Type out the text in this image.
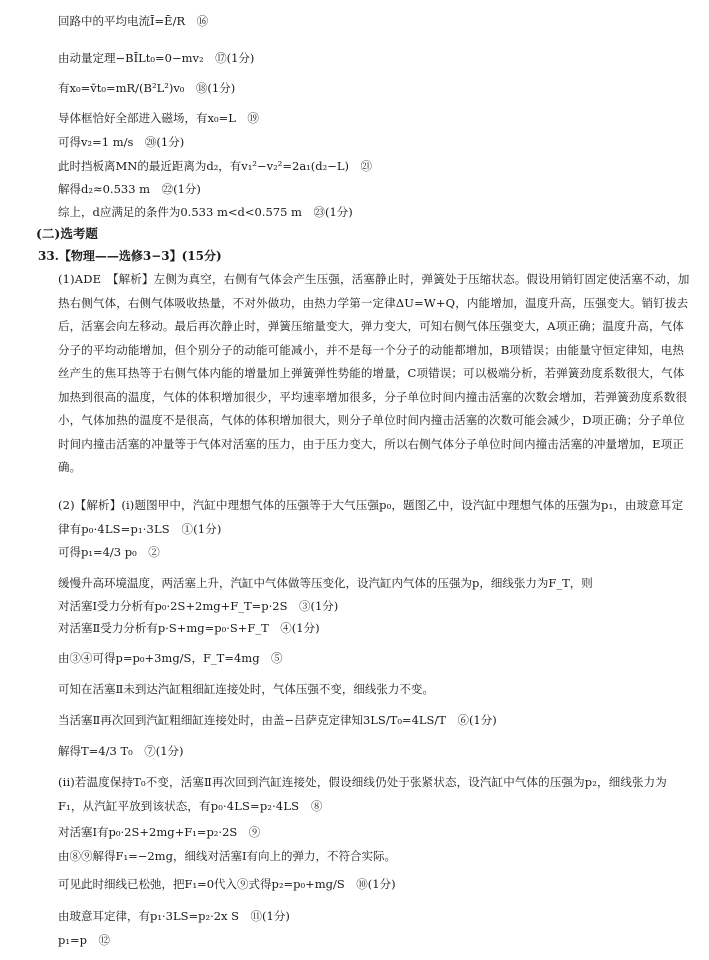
回路中的平均电流Ī=Ē/R　⑯
由动量定理−BĪLt₀=0−mv₂　⑰(1分)
有x₀=v̄t₀=mR/(B²L²)v₀　⑱(1分)
导体框恰好全部进入磁场，有x₀=L　⑲
可得v₂=1 m/s　⑳(1分)
此时挡板离MN的最近距离为d₂，有v₁²−v₂²=2a₁(d₂−L)　㉑
解得d₂≈0.533 m　㉒(1分)
综上，d应满足的条件为0.533 m<d<0.575 m　㉓(1分)
(二)选考题
33.【物理——选修3−3】(15分)
(1)ADE　【解析】左侧为真空，右侧有气体会产生压强，活塞静止时，弹簧处于压缩状态。假设用销钉固定使活塞不动，加热右侧气体，右侧气体吸收热量，不对外做功，由热力学第一定律ΔU=W+Q，内能增加，温度升高，压强变大。销钉拔去后，活塞会向左移动。最后再次静止时，弹簧压缩量变大，弹力变大，可知右侧气体压强变大，A项正确；温度升高，气体分子的平均动能增加，但个别分子的动能可能减小，并不是每一个分子的动能都增加，B项错误；由能量守恒定律知，电热丝产生的焦耳热等于右侧气体内能的增量加上弹簧弹性势能的增量，C项错误；可以极端分析，若弹簧劲度系数很大，气体加热到很高的温度，气体的体积增加很少，平均速率增加很多，分子单位时间内撞击活塞的次数会增加，若弹簧劲度系数很小，气体加热的温度不是很高，气体的体积增加很大，则分子单位时间内撞击活塞的次数可能会减少，D项正确；分子单位时间内撞击活塞的冲量等于气体对活塞的压力，由于压力变大，所以右侧气体分子单位时间内撞击活塞的冲量增加，E项正确。
(2)【解析】(i)题图甲中，汽缸中理想气体的压强等于大气压强p₀，题图乙中，设汽缸中理想气体的压强为p₁，由玻意耳定律有p₀·4LS=p₁·3LS　①(1分)
可得p₁=4/3 p₀　②
缓慢升高环境温度，两活塞上升，汽缸中气体做等压变化，设汽缸内气体的压强为p，细线张力为F_T，则
对活塞Ⅰ受力分析有p₀·2S+2mg+F_T=p·2S　③(1分)
对活塞Ⅱ受力分析有p·S+mg=p₀·S+F_T　④(1分)
由③④可得p=p₀+3mg/S，F_T=4mg　⑤
可知在活塞Ⅱ未到达汽缸粗细缸连接处时，气体压强不变，细线张力不变。
当活塞Ⅱ再次回到汽缸粗细缸连接处时，由盖−吕萨克定律知3LS/T₀=4LS/T　⑥(1分)
解得T=4/3 T₀　⑦(1分)
(ii)若温度保持T₀不变，活塞Ⅱ再次回到汽缸连接处，假设细线仍处于张紧状态，设汽缸中气体的压强为p₂，细线张力为F₁，从汽缸平放到该状态，有p₀·4LS=p₂·4LS　⑧
对活塞Ⅰ有p₀·2S+2mg+F₁=p₂·2S　⑨
由⑧⑨解得F₁=−2mg，细线对活塞Ⅰ有向上的弹力，不符合实际。
可见此时细线已松弛，把F₁=0代入⑨式得p₂=p₀+mg/S　⑩(1分)
由玻意耳定律，有p₁·3LS=p₂·2x S　⑪(1分)
p₁=p　⑫
